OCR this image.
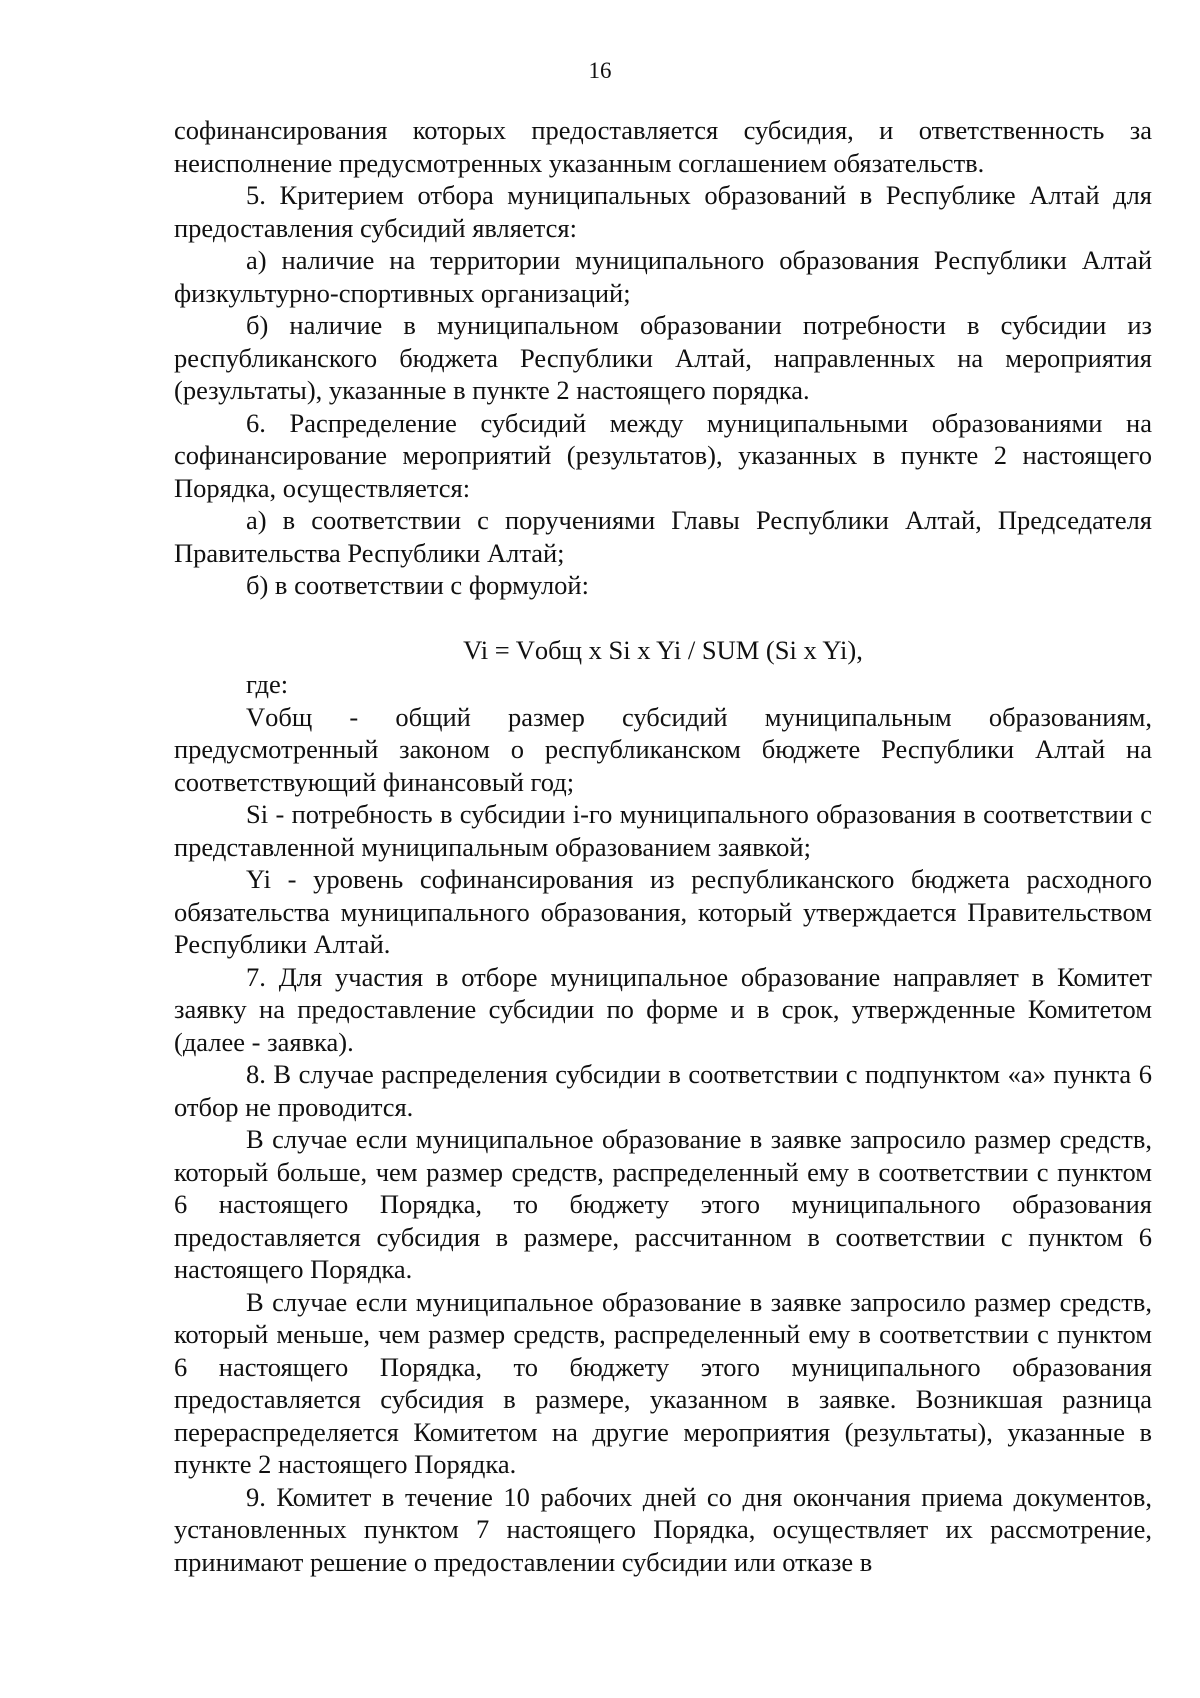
16

софинансирования которых предоставляется субсидия, и ответственность за неисполнение предусмотренных указанным соглашением обязательств.

5. Критерием отбора муниципальных образований в Республике Алтай для предоставления субсидий является:

а) наличие на территории муниципального образования Республики Алтай физкультурно-спортивных организаций;

б) наличие в муниципальном образовании потребности в субсидии из республиканского бюджета Республики Алтай, направленных на мероприятия (результаты), указанные в пункте 2 настоящего порядка.

6. Распределение субсидий между муниципальными образованиями на софинансирование мероприятий (результатов), указанных в пункте 2 настоящего Порядка, осуществляется:

а) в соответствии с поручениями Главы Республики Алтай, Председателя Правительства Республики Алтай;

б) в соответствии с формулой:

Vi = Vобщ x Si x Yi / SUM (Si x Yi),

где:

Vобщ - общий размер субсидий муниципальным образованиям, предусмотренный законом о республиканском бюджете Республики Алтай на соответствующий финансовый год;

Si - потребность в субсидии i-го муниципального образования в соответствии с представленной муниципальным образованием заявкой;

Yi - уровень софинансирования из республиканского бюджета расходного обязательства муниципального образования, который утверждается Правительством Республики Алтай.

7. Для участия в отборе муниципальное образование направляет в Комитет заявку на предоставление субсидии по форме и в срок, утвержденные Комитетом (далее - заявка).

8. В случае распределения субсидии в соответствии с подпунктом «а» пункта 6 отбор не проводится.

В случае если муниципальное образование в заявке запросило размер средств, который больше, чем размер средств, распределенный ему в соответствии с пунктом 6 настоящего Порядка, то бюджету этого муниципального образования предоставляется субсидия в размере, рассчитанном в соответствии с пунктом 6 настоящего Порядка.

В случае если муниципальное образование в заявке запросило размер средств, который меньше, чем размер средств, распределенный ему в соответствии с пунктом 6 настоящего Порядка, то бюджету этого муниципального образования предоставляется субсидия в размере, указанном в заявке. Возникшая разница перераспределяется Комитетом на другие мероприятия (результаты), указанные в пункте 2 настоящего Порядка.

9. Комитет в течение 10 рабочих дней со дня окончания приема документов, установленных пунктом 7 настоящего Порядка, осуществляет их рассмотрение, принимают решение о предоставлении субсидии или отказе в
